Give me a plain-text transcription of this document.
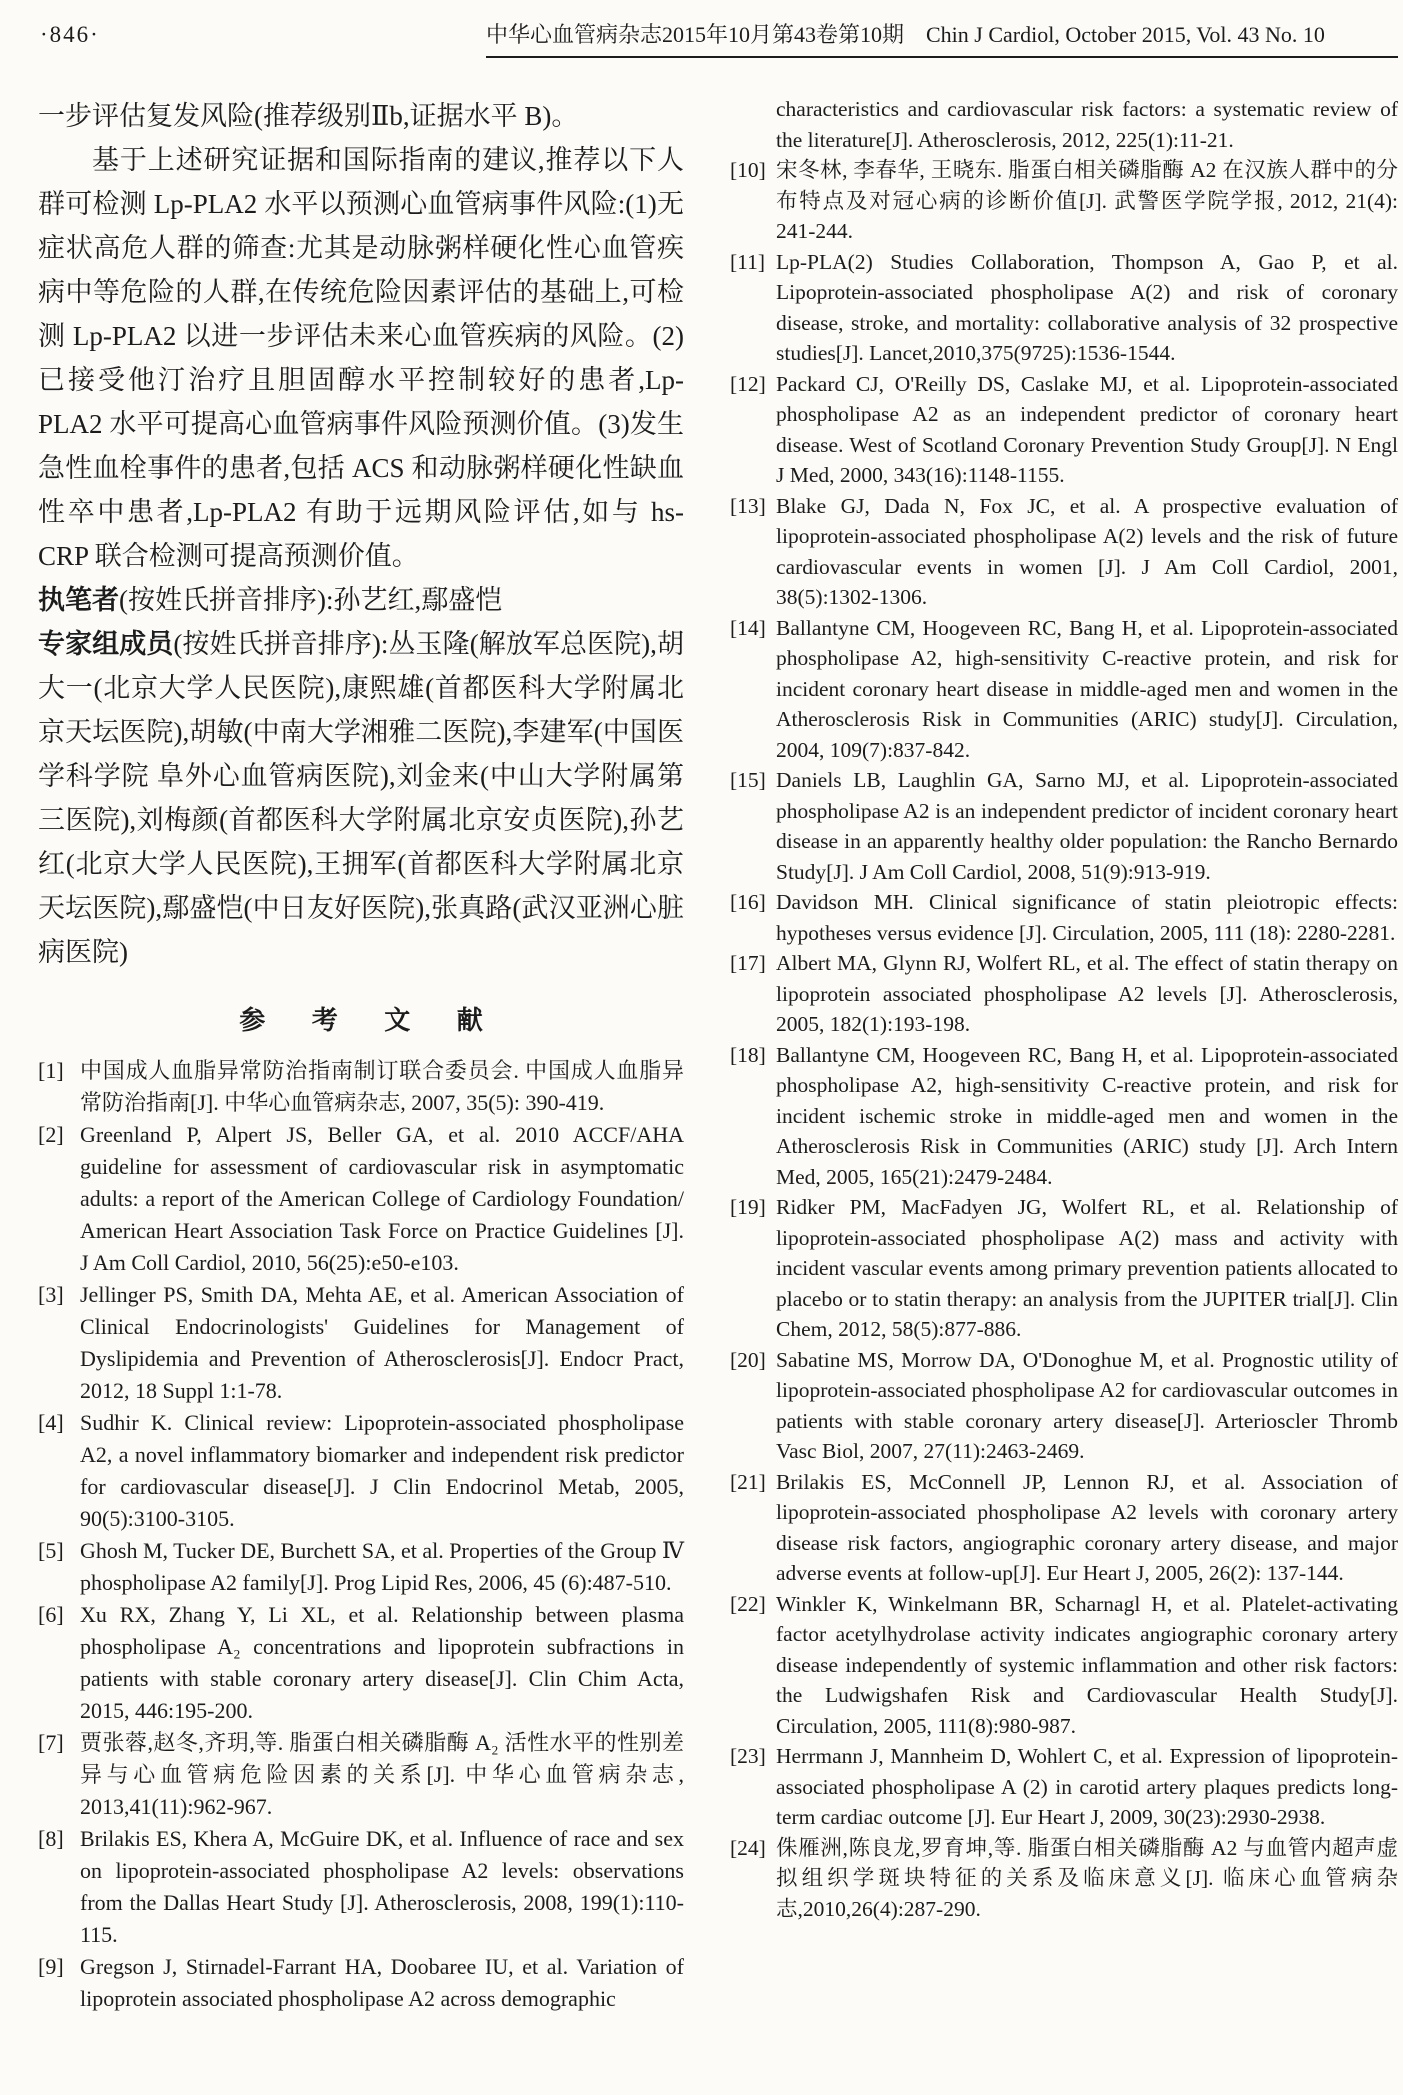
·846·	中华心血管病杂志2015年10月第43卷第10期　Chin J Cardiol, October 2015, Vol. 43 No. 10
一步评估复发风险(推荐级别Ⅱb,证据水平 B)。
基于上述研究证据和国际指南的建议,推荐以下人群可检测 Lp-PLA2 水平以预测心血管病事件风险:(1)无症状高危人群的筛查:尤其是动脉粥样硬化性心血管疾病中等危险的人群,在传统危险因素评估的基础上,可检测 Lp-PLA2 以进一步评估未来心血管疾病的风险。(2)已接受他汀治疗且胆固醇水平控制较好的患者,Lp-PLA2 水平可提高心血管病事件风险预测价值。(3)发生急性血栓事件的患者,包括 ACS 和动脉粥样硬化性缺血性卒中患者,Lp-PLA2 有助于远期风险评估,如与 hs-CRP 联合检测可提高预测价值。
执笔者(按姓氏拼音排序):孙艺红,鄢盛恺
专家组成员(按姓氏拼音排序):丛玉隆(解放军总医院),胡大一(北京大学人民医院),康熙雄(首都医科大学附属北京天坛医院),胡敏(中南大学湘雅二医院),李建军(中国医学科学院 阜外心血管病医院),刘金来(中山大学附属第三医院),刘梅颜(首都医科大学附属北京安贞医院),孙艺红(北京大学人民医院),王拥军(首都医科大学附属北京天坛医院),鄢盛恺(中日友好医院),张真路(武汉亚洲心脏病医院)
参 考 文 献
[1] 中国成人血脂异常防治指南制订联合委员会. 中国成人血脂异常防治指南[J]. 中华心血管病杂志, 2007, 35(5): 390-419.
[2] Greenland P, Alpert JS, Beller GA, et al. 2010 ACCF/AHA guideline for assessment of cardiovascular risk in asymptomatic adults: a report of the American College of Cardiology Foundation/ American Heart Association Task Force on Practice Guidelines [J]. J Am Coll Cardiol, 2010, 56(25):e50-e103.
[3] Jellinger PS, Smith DA, Mehta AE, et al. American Association of Clinical Endocrinologists' Guidelines for Management of Dyslipidemia and Prevention of Atherosclerosis[J]. Endocr Pract, 2012, 18 Suppl 1:1-78.
[4] Sudhir K. Clinical review: Lipoprotein-associated phospholipase A2, a novel inflammatory biomarker and independent risk predictor for cardiovascular disease[J]. J Clin Endocrinol Metab, 2005, 90(5):3100-3105.
[5] Ghosh M, Tucker DE, Burchett SA, et al. Properties of the Group Ⅳ phospholipase A2 family[J]. Prog Lipid Res, 2006, 45 (6):487-510.
[6] Xu RX, Zhang Y, Li XL, et al. Relationship between plasma phospholipase A₂ concentrations and lipoprotein subfractions in patients with stable coronary artery disease[J]. Clin Chim Acta, 2015, 446:195-200.
[7] 贾张蓉,赵冬,齐玥,等. 脂蛋白相关磷脂酶 A₂ 活性水平的性别差异与心血管病危险因素的关系[J]. 中华心血管病杂志, 2013,41(11):962-967.
[8] Brilakis ES, Khera A, McGuire DK, et al. Influence of race and sex on lipoprotein-associated phospholipase A2 levels: observations from the Dallas Heart Study [J]. Atherosclerosis, 2008, 199(1):110-115.
[9] Gregson J, Stirnadel-Farrant HA, Doobaree IU, et al. Variation of lipoprotein associated phospholipase A2 across demographic
characteristics and cardiovascular risk factors: a systematic review of the literature[J]. Atherosclerosis, 2012, 225(1):11-21.
[10] 宋冬林, 李春华, 王晓东. 脂蛋白相关磷脂酶 A2 在汉族人群中的分布特点及对冠心病的诊断价值[J]. 武警医学院学报, 2012, 21(4): 241-244.
[11] Lp-PLA(2) Studies Collaboration, Thompson A, Gao P, et al. Lipoprotein-associated phospholipase A(2) and risk of coronary disease, stroke, and mortality: collaborative analysis of 32 prospective studies[J]. Lancet,2010,375(9725):1536-1544.
[12] Packard CJ, O'Reilly DS, Caslake MJ, et al. Lipoprotein-associated phospholipase A2 as an independent predictor of coronary heart disease. West of Scotland Coronary Prevention Study Group[J]. N Engl J Med, 2000, 343(16):1148-1155.
[13] Blake GJ, Dada N, Fox JC, et al. A prospective evaluation of lipoprotein-associated phospholipase A(2) levels and the risk of future cardiovascular events in women [J]. J Am Coll Cardiol, 2001, 38(5):1302-1306.
[14] Ballantyne CM, Hoogeveen RC, Bang H, et al. Lipoprotein-associated phospholipase A2, high-sensitivity C-reactive protein, and risk for incident coronary heart disease in middle-aged men and women in the Atherosclerosis Risk in Communities (ARIC) study[J]. Circulation, 2004, 109(7):837-842.
[15] Daniels LB, Laughlin GA, Sarno MJ, et al. Lipoprotein-associated phospholipase A2 is an independent predictor of incident coronary heart disease in an apparently healthy older population: the Rancho Bernardo Study[J]. J Am Coll Cardiol, 2008, 51(9):913-919.
[16] Davidson MH. Clinical significance of statin pleiotropic effects: hypotheses versus evidence [J]. Circulation, 2005, 111 (18): 2280-2281.
[17] Albert MA, Glynn RJ, Wolfert RL, et al. The effect of statin therapy on lipoprotein associated phospholipase A2 levels [J]. Atherosclerosis, 2005, 182(1):193-198.
[18] Ballantyne CM, Hoogeveen RC, Bang H, et al. Lipoprotein-associated phospholipase A2, high-sensitivity C-reactive protein, and risk for incident ischemic stroke in middle-aged men and women in the Atherosclerosis Risk in Communities (ARIC) study [J]. Arch Intern Med, 2005, 165(21):2479-2484.
[19] Ridker PM, MacFadyen JG, Wolfert RL, et al. Relationship of lipoprotein-associated phospholipase A(2) mass and activity with incident vascular events among primary prevention patients allocated to placebo or to statin therapy: an analysis from the JUPITER trial[J]. Clin Chem, 2012, 58(5):877-886.
[20] Sabatine MS, Morrow DA, O'Donoghue M, et al. Prognostic utility of lipoprotein-associated phospholipase A2 for cardiovascular outcomes in patients with stable coronary artery disease[J]. Arterioscler Thromb Vasc Biol, 2007, 27(11):2463-2469.
[21] Brilakis ES, McConnell JP, Lennon RJ, et al. Association of lipoprotein-associated phospholipase A2 levels with coronary artery disease risk factors, angiographic coronary artery disease, and major adverse events at follow-up[J]. Eur Heart J, 2005, 26(2): 137-144.
[22] Winkler K, Winkelmann BR, Scharnagl H, et al. Platelet-activating factor acetylhydrolase activity indicates angiographic coronary artery disease independently of systemic inflammation and other risk factors: the Ludwigshafen Risk and Cardiovascular Health Study[J]. Circulation, 2005, 111(8):980-987.
[23] Herrmann J, Mannheim D, Wohlert C, et al. Expression of lipoprotein-associated phospholipase A (2) in carotid artery plaques predicts long-term cardiac outcome [J]. Eur Heart J, 2009, 30(23):2930-2938.
[24] 侏雁洲,陈良龙,罗育坤,等. 脂蛋白相关磷脂酶 A2 与血管内超声虚拟组织学斑块特征的关系及临床意义[J]. 临床心血管病杂志,2010,26(4):287-290.
